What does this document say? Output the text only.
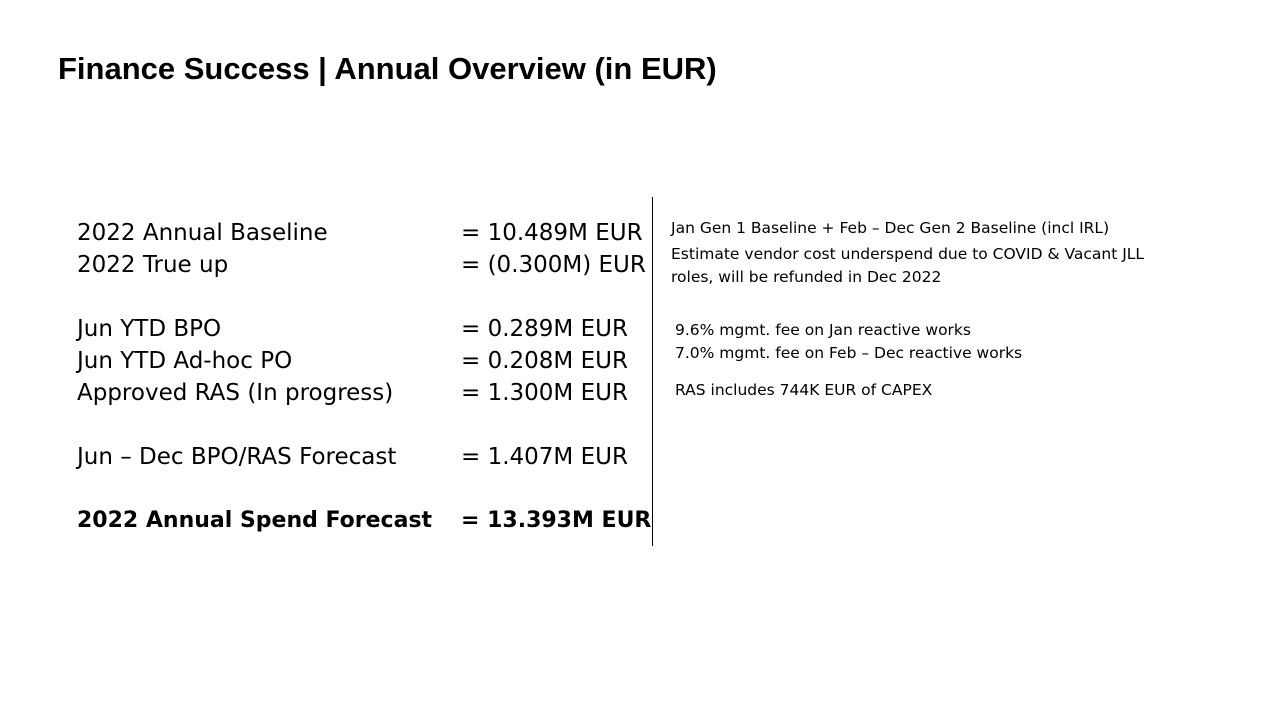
Finance Success | Annual Overview (in EUR)
2022 Annual Baseline	= 10.489M EUR
2022 True up	= (0.300M) EUR
Jun YTD BPO	= 0.289M EUR
Jun YTD Ad-hoc PO	= 0.208M EUR
Approved RAS (In progress)	= 1.300M EUR
Jun – Dec BPO/RAS Forecast	= 1.407M EUR
2022 Annual Spend Forecast = 13.393M EUR
Jan Gen 1 Baseline + Feb – Dec Gen 2 Baseline (incl IRL)
Estimate vendor cost underspend due to COVID & Vacant JLL
roles, will be refunded in Dec 2022
9.6% mgmt. fee on Jan reactive works
7.0% mgmt. fee on Feb – Dec reactive works
RAS includes 744K EUR of CAPEX
